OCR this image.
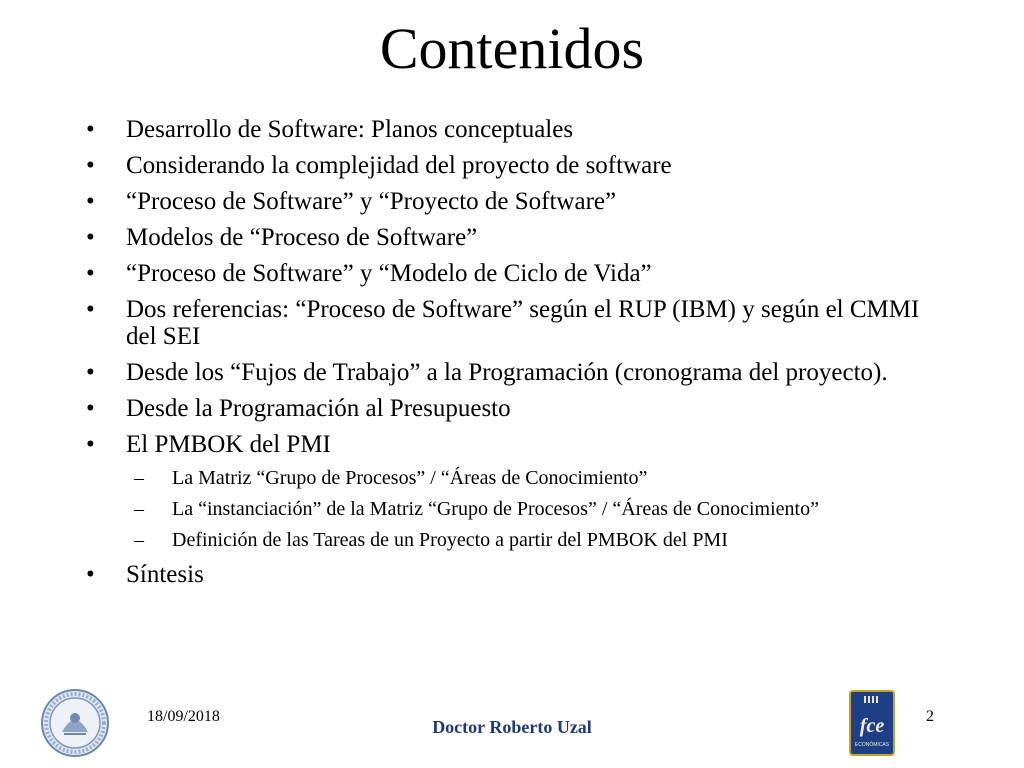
Contenidos
• Desarrollo de Software: Planos conceptuales
• Considerando la complejidad del proyecto de software
• “Proceso de Software” y “Proyecto de Software”
• Modelos de “Proceso de Software”
• “Proceso de Software” y “Modelo de Ciclo de Vida”
• Dos referencias: “Proceso de Software” según el RUP (IBM) y según el CMMI del SEI
• Desde los “Fujos de Trabajo” a la Programación (cronograma del proyecto).
• Desde la Programación al Presupuesto
• El PMBOK del PMI
– La Matriz “Grupo de Procesos” / “Áreas de Conocimiento”
– La “instanciación” de la Matriz “Grupo de Procesos” / “Áreas de Conocimiento”
– Definición de las Tareas de un Proyecto a partir del PMBOK del PMI
• Síntesis
fce
ECONÓMICAS
18/09/2018
Doctor Roberto Uzal
2
